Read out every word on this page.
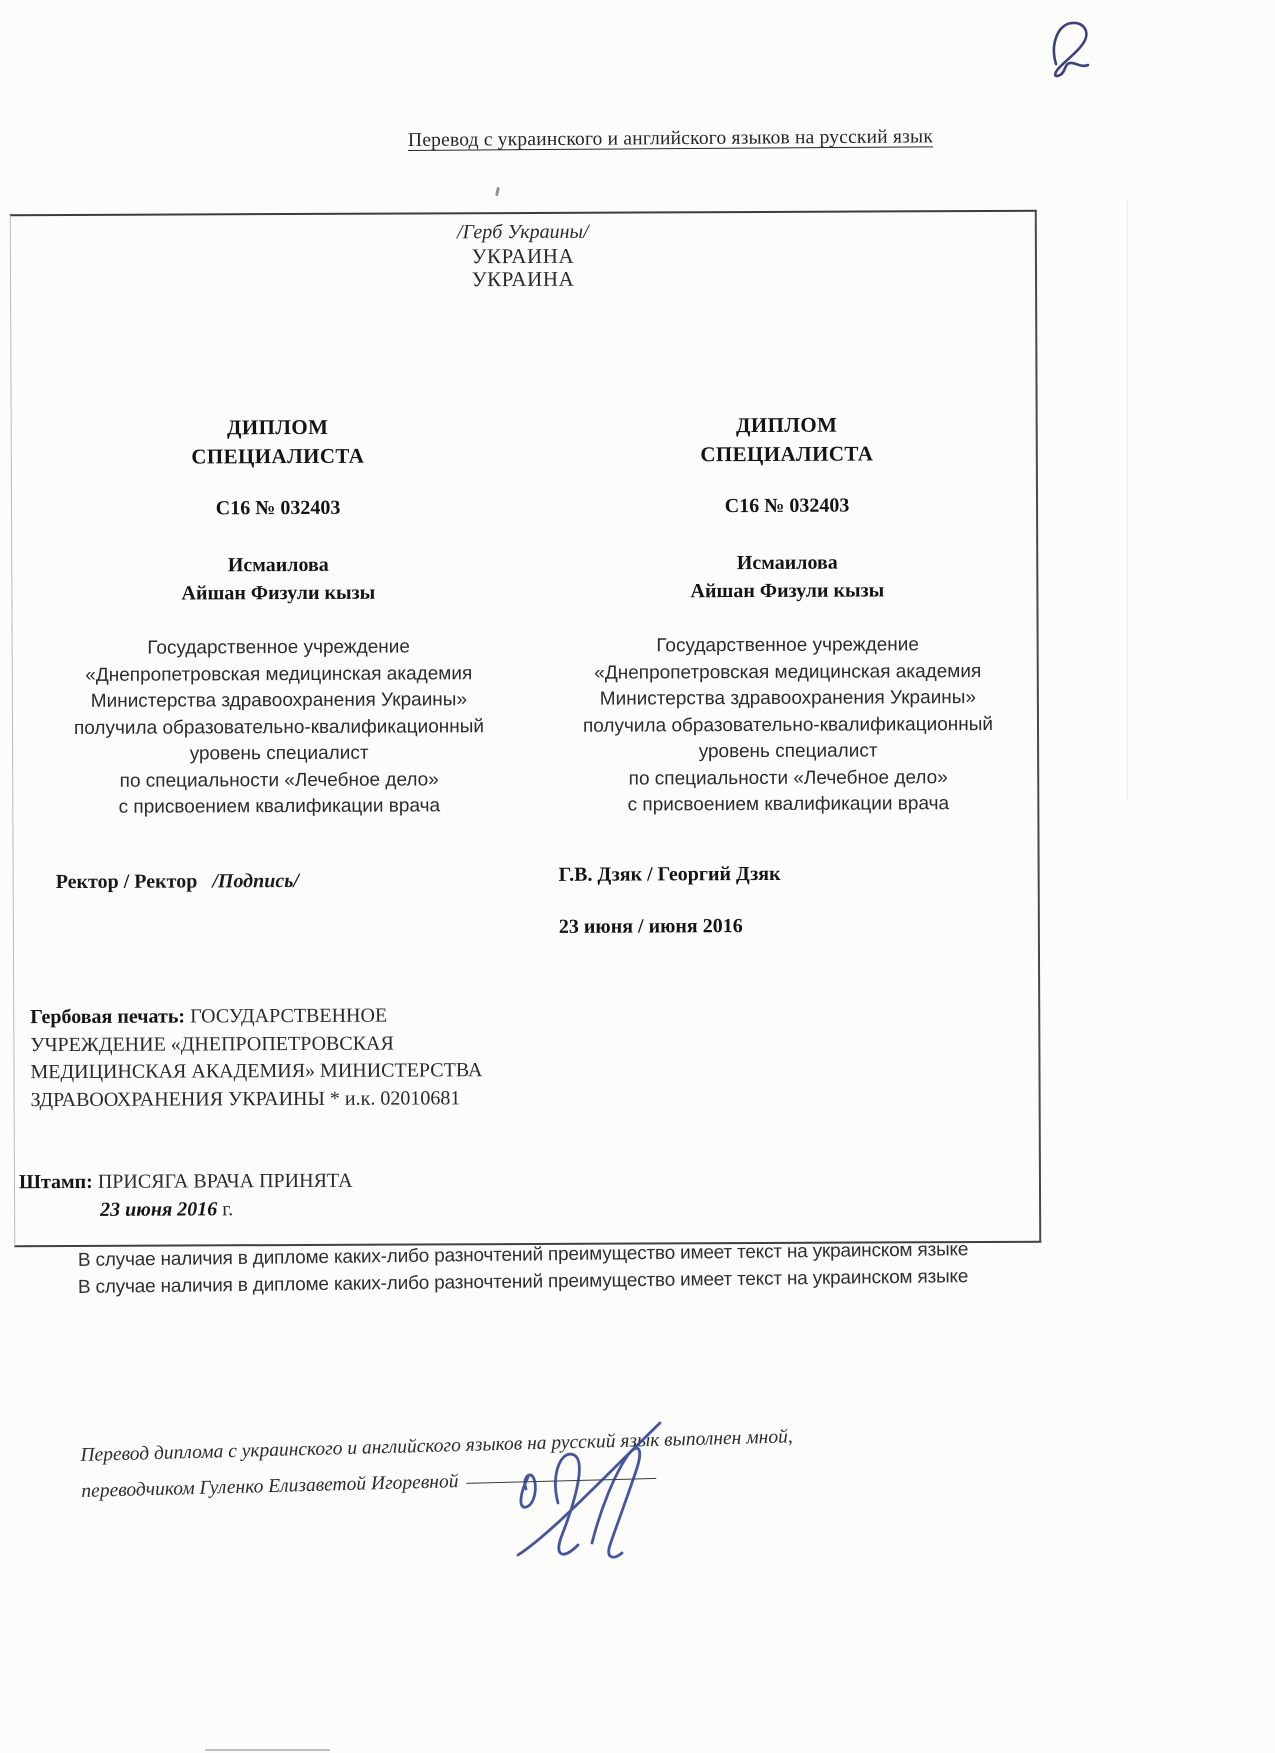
Перевод с украинского и английского языков на русский язык
/Герб Украины/
УКРАИНА
УКРАИНА
ДИПЛОМ
СПЕЦИАЛИСТА
С16 № 032403
Исмаилова
Айшан Физули кызы
Государственное учреждение
«Днепропетровская медицинская академия
Министерства здравоохранения Украины»
получила образовательно-квалификационный
уровень специалист
по специальности «Лечебное дело»
с присвоением квалификации врача
Ректор / Ректор /Подпись/
ДИПЛОМ
СПЕЦИАЛИСТА
С16 № 032403
Исмаилова
Айшан Физули кызы
Государственное учреждение
«Днепропетровская медицинская академия
Министерства здравоохранения Украины»
получила образовательно-квалификационный
уровень специалист
по специальности «Лечебное дело»
с присвоением квалификации врача
Г.В. Дзяк / Георгий Дзяк
23 июня / июня 2016
Гербовая печать: ГОСУДАРСТВЕННОЕ УЧРЕЖДЕНИЕ «ДНЕПРОПЕТРОВСКАЯ МЕДИЦИНСКАЯ АКАДЕМИЯ» МИНИСТЕРСТВА ЗДРАВООХРАНЕНИЯ УКРАИНЫ * и.к. 02010681
Штамп: ПРИСЯГА ВРАЧА ПРИНЯТА
23 июня 2016 г.
В случае наличия в дипломе каких-либо разночтений преимущество имеет текст на украинском языке
В случае наличия в дипломе каких-либо разночтений преимущество имеет текст на украинском языке
Перевод диплома с украинского и английского языков на русский язык выполнен мной,
переводчиком Гуленко Елизаветой Игоревной
